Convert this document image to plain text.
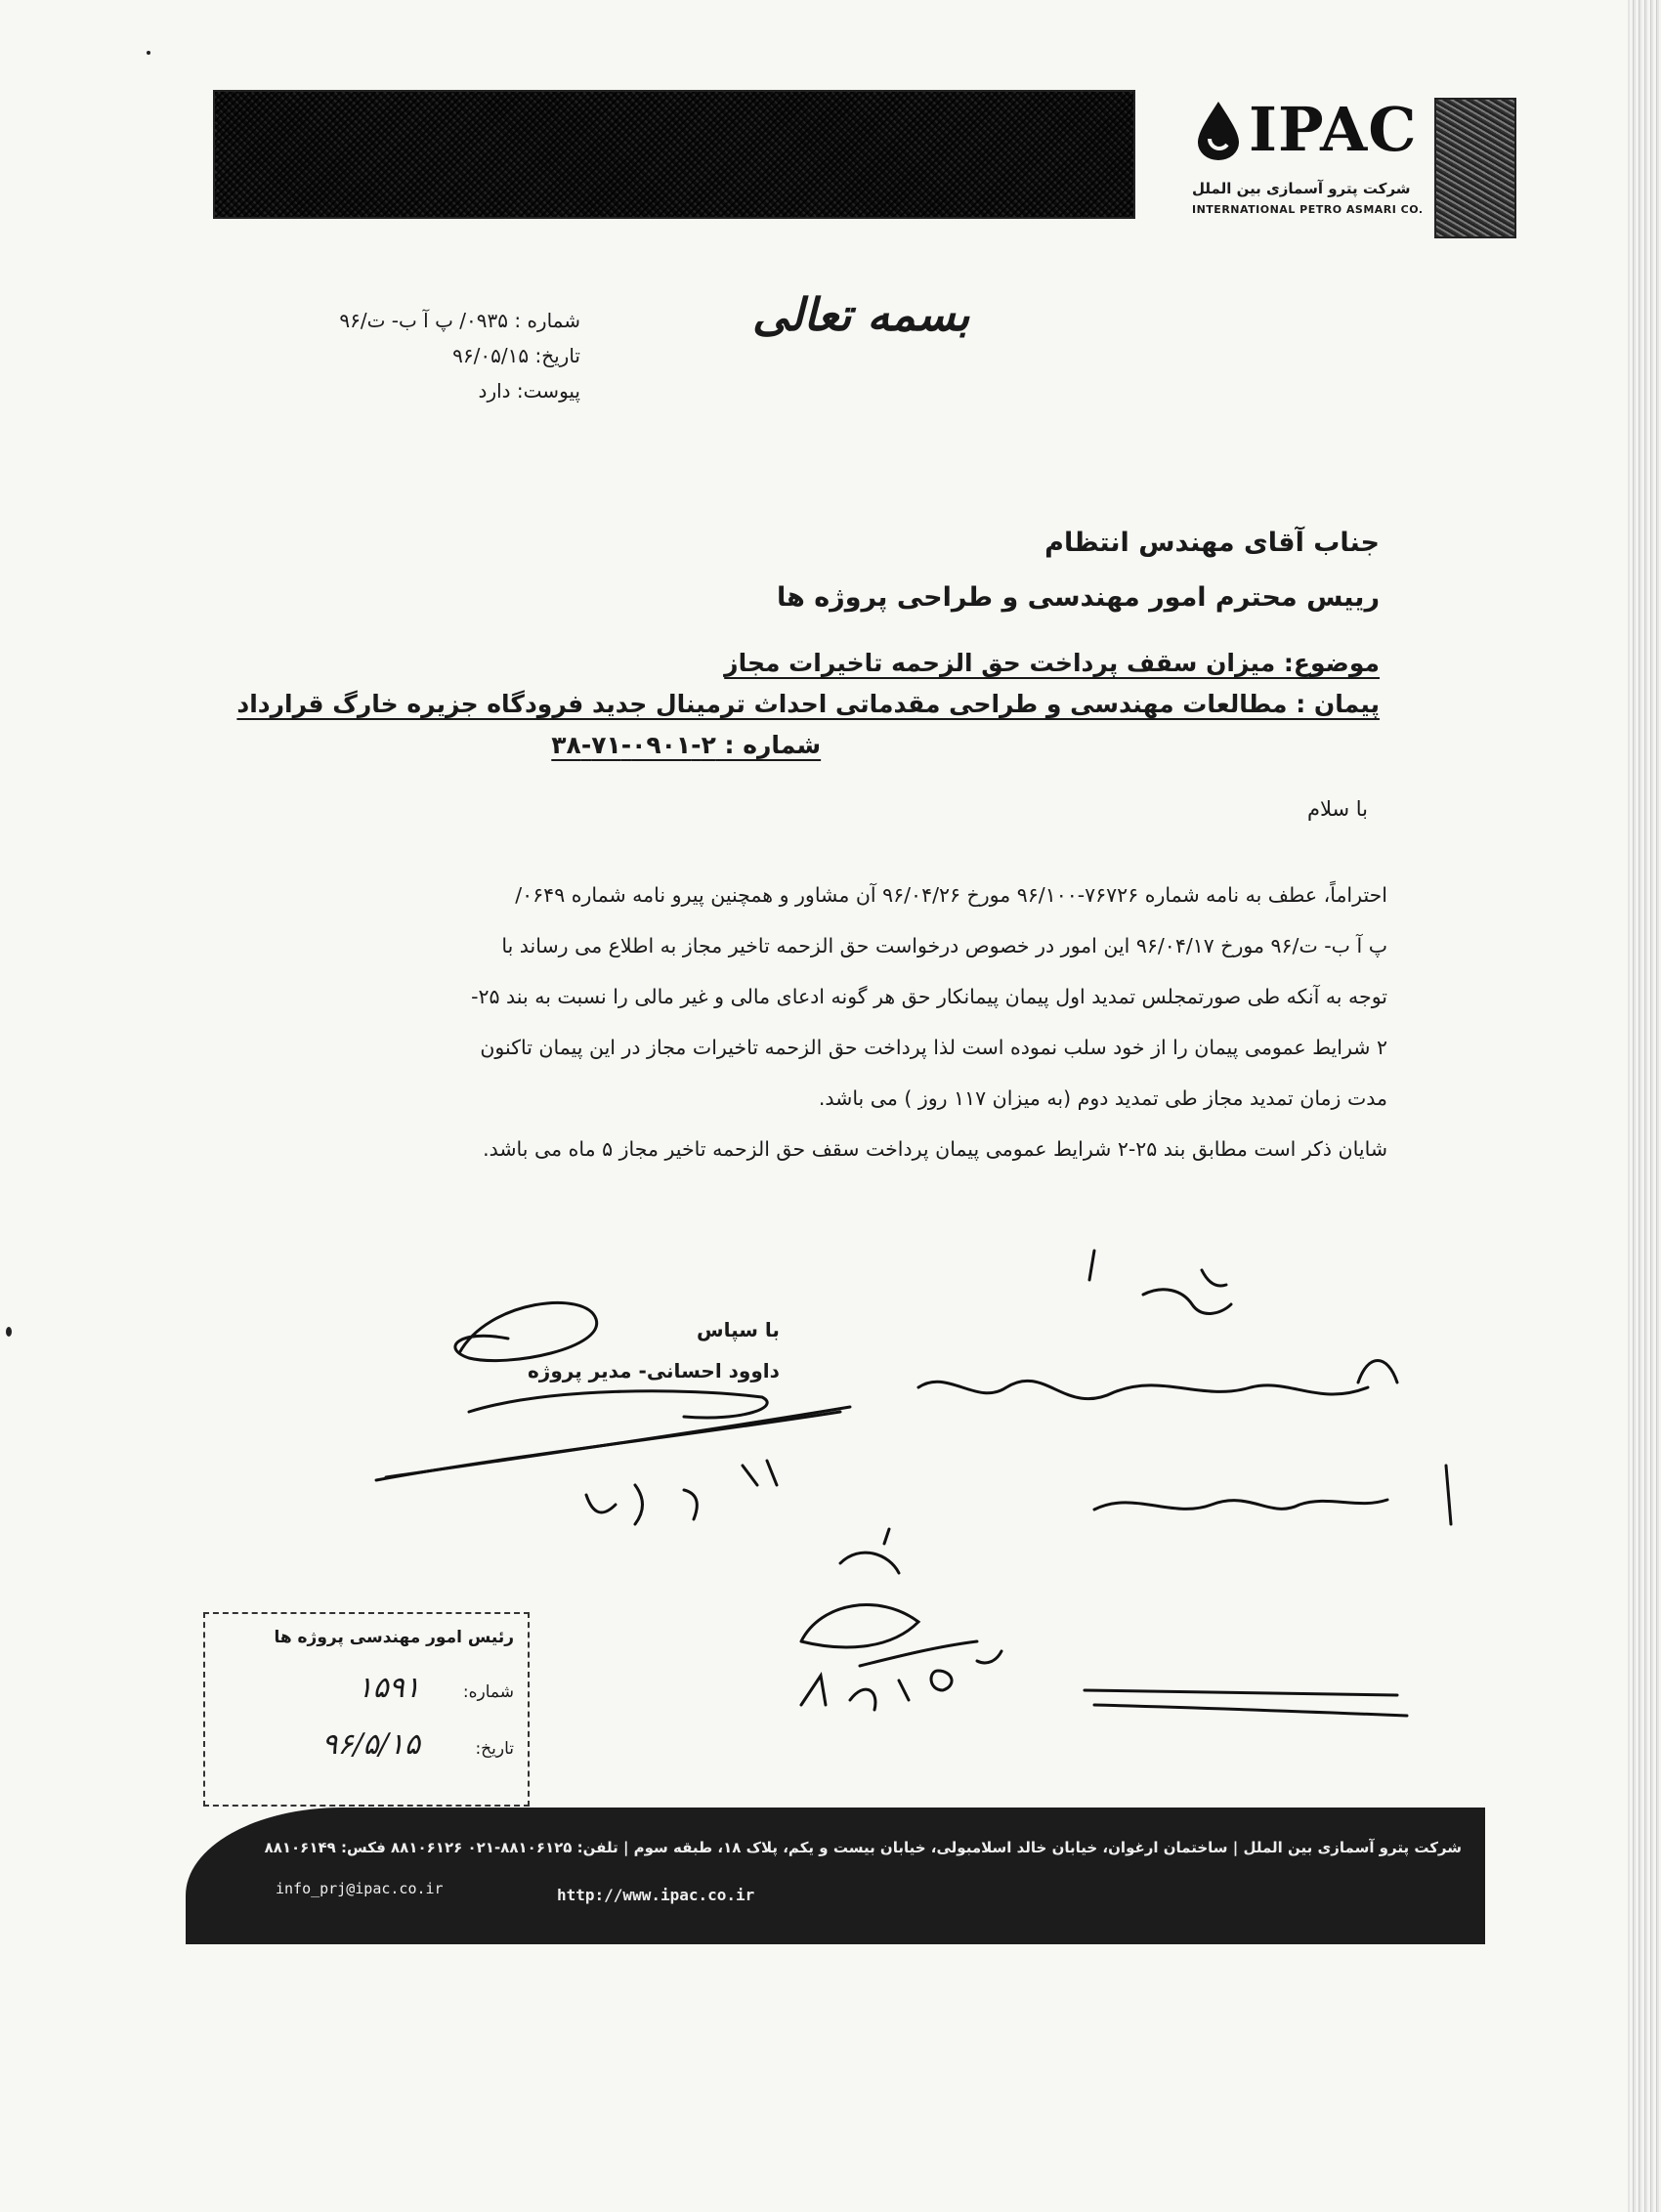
IPAC
شرکت پترو آسمازی بین الملل
INTERNATIONAL PETRO ASMARI CO.
بسمه تعالی
شماره : ۰۹۳۵/ پ آ ب- ت/۹۶
تاریخ: ۹۶/۰۵/۱۵
پیوست: دارد
جناب آقای مهندس انتظام
رییس محترم امور مهندسی و طراحی پروژه ها
موضوع: میزان سقف پرداخت حق الزحمه تاخیرات مجاز
پیمان : مطالعات مهندسی و طراحی مقدماتی احداث ترمینال جدید فرودگاه جزیره خارگ قرارداد
شماره : ۲-۰۹۰۱-۷۱-۳۸
با سلام

احتراماً، عطف به نامه شماره ۷۶۷۲۶-۹۶/۱۰۰ مورخ ۹۶/۰۴/۲۶ آن مشاور و همچنین پیرو نامه شماره ۰۶۴۹/

پ آ ب- ت/۹۶ مورخ ۹۶/۰۴/۱۷ این امور در خصوص درخواست حق الزحمه تاخیر مجاز به اطلاع می رساند با

توجه به آنکه طی صورتمجلس تمدید اول پیمان پیمانکار حق هر گونه ادعای مالی و غیر مالی را نسبت به بند ۲۵-

۲ شرایط عمومی پیمان را از خود سلب نموده است لذا پرداخت حق الزحمه تاخیرات مجاز در این پیمان تاکنون

مدت زمان تمدید مجاز طی تمدید دوم (به میزان ۱۱۷ روز ) می باشد.

شایان ذکر است مطابق بند ۲۵-۲ شرایط عمومی پیمان پرداخت سقف حق الزحمه تاخیر مجاز ۵ ماه می باشد.

با سپاس
داوود احسانی- مدیر پروژه
رئیس امور مهندسی پروژه ها
شماره:
۱۵۹۱
تاریخ:
۹۶/۵/۱۵
شرکت پترو آسمازی بین الملل | ساختمان ارغوان، خیابان خالد اسلامبولی، خیابان بیست و یکم، پلاک ۱۸، طبقه سوم | تلفن: ۸۸۱۰۶۱۲۵-۰۲۱ ۸۸۱۰۶۱۲۶ فکس: ۸۸۱۰۶۱۴۹
info_prj@ipac.co.ir	http://www.ipac.co.ir
